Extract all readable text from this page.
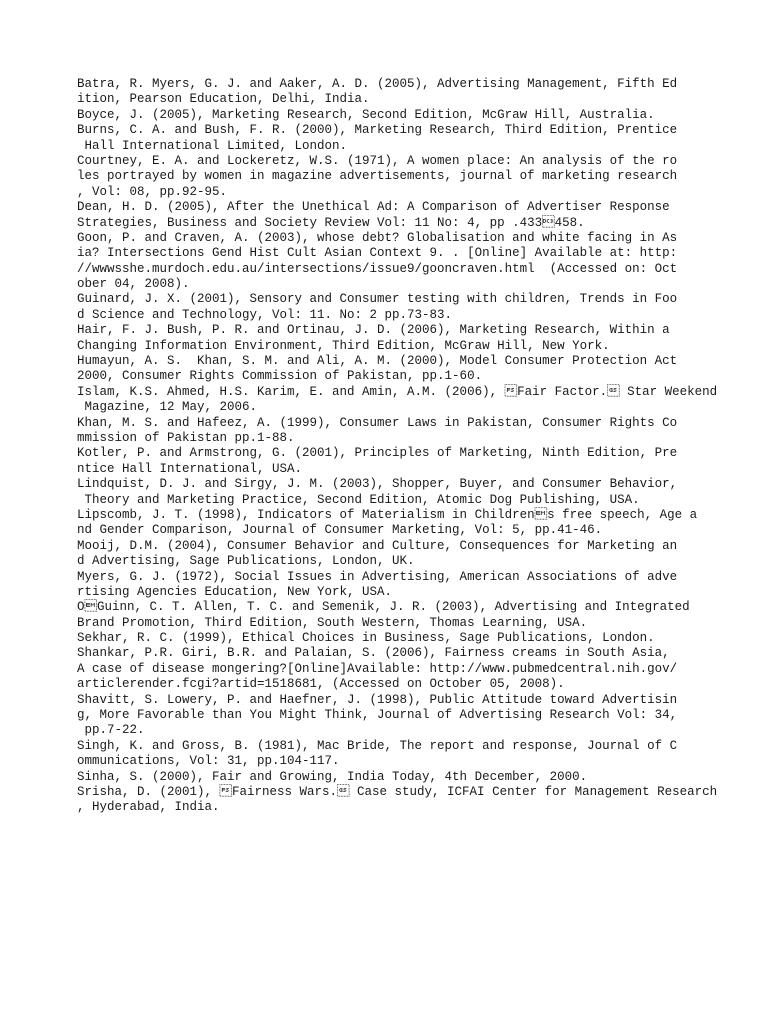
Batra, R. Myers, G. J. and Aaker, A. D. (2005), Advertising Management, Fifth Ed
ition, Pearson Education, Delhi, India.
Boyce, J. (2005), Marketing Research, Second Edition, McGraw Hill, Australia.
Burns, C. A. and Bush, F. R. (2000), Marketing Research, Third Edition, Prentice
Hall International Limited, London.
Courtney, E. A. and Lockeretz, W.S. (1971), A women place: An analysis of the ro
les portrayed by women in magazine advertisements, journal of marketing research
, Vol: 08, pp.92-95.
Dean, H. D. (2005), After the Unethical Ad: A Comparison of Advertiser Response
Strategies, Business and Society Review Vol: 11 No: 4, pp .433458.
Goon, P. and Craven, A. (2003), whose debt? Globalisation and white facing in As
ia? Intersections Gend Hist Cult Asian Context 9. . [Online] Available at: http:
//wwwsshe.murdoch.edu.au/intersections/issue9/gooncraven.html  (Accessed on: Oct
ober 04, 2008).
Guinard, J. X. (2001), Sensory and Consumer testing with children, Trends in Foo
d Science and Technology, Vol: 11. No: 2 pp.73-83.
Hair, F. J. Bush, P. R. and Ortinau, J. D. (2006), Marketing Research, Within a
Changing Information Environment, Third Edition, McGraw Hill, New York.
Humayun, A. S.  Khan, S. M. and Ali, A. M. (2000), Model Consumer Protection Act
2000, Consumer Rights Commission of Pakistan, pp.1-60.
Islam, K.S. Ahmed, H.S. Karim, E. and Amin, A.M. (2006), Fair Factor. Star Weekend
Magazine, 12 May, 2006.
Khan, M. S. and Hafeez, A. (1999), Consumer Laws in Pakistan, Consumer Rights Co
mmission of Pakistan pp.1-88.
Kotler, P. and Armstrong, G. (2001), Principles of Marketing, Ninth Edition, Pre
ntice Hall International, USA.
Lindquist, D. J. and Sirgy, J. M. (2003), Shopper, Buyer, and Consumer Behavior,
Theory and Marketing Practice, Second Edition, Atomic Dog Publishing, USA.
Lipscomb, J. T. (1998), Indicators of Materialism in Childrens free speech, Age a
nd Gender Comparison, Journal of Consumer Marketing, Vol: 5, pp.41-46.
Mooij, D.M. (2004), Consumer Behavior and Culture, Consequences for Marketing an
d Advertising, Sage Publications, London, UK.
Myers, G. J. (1972), Social Issues in Advertising, American Associations of adve
rtising Agencies Education, New York, USA.
OGuinn, C. T. Allen, T. C. and Semenik, J. R. (2003), Advertising and Integrated
Brand Promotion, Third Edition, South Western, Thomas Learning, USA.
Sekhar, R. C. (1999), Ethical Choices in Business, Sage Publications, London.
Shankar, P.R. Giri, B.R. and Palaian, S. (2006), Fairness creams in South Asia,
A case of disease mongering?[Online]Available: http://www.pubmedcentral.nih.gov/
articlerender.fcgi?artid=1518681, (Accessed on October 05, 2008).
Shavitt, S. Lowery, P. and Haefner, J. (1998), Public Attitude toward Advertisin
g, More Favorable than You Might Think, Journal of Advertising Research Vol: 34,
pp.7-22.
Singh, K. and Gross, B. (1981), Mac Bride, The report and response, Journal of C
ommunications, Vol: 31, pp.104-117.
Sinha, S. (2000), Fair and Growing, India Today, 4th December, 2000.
Srisha, D. (2001), Fairness Wars. Case study, ICFAI Center for Management Research
, Hyderabad, India.
